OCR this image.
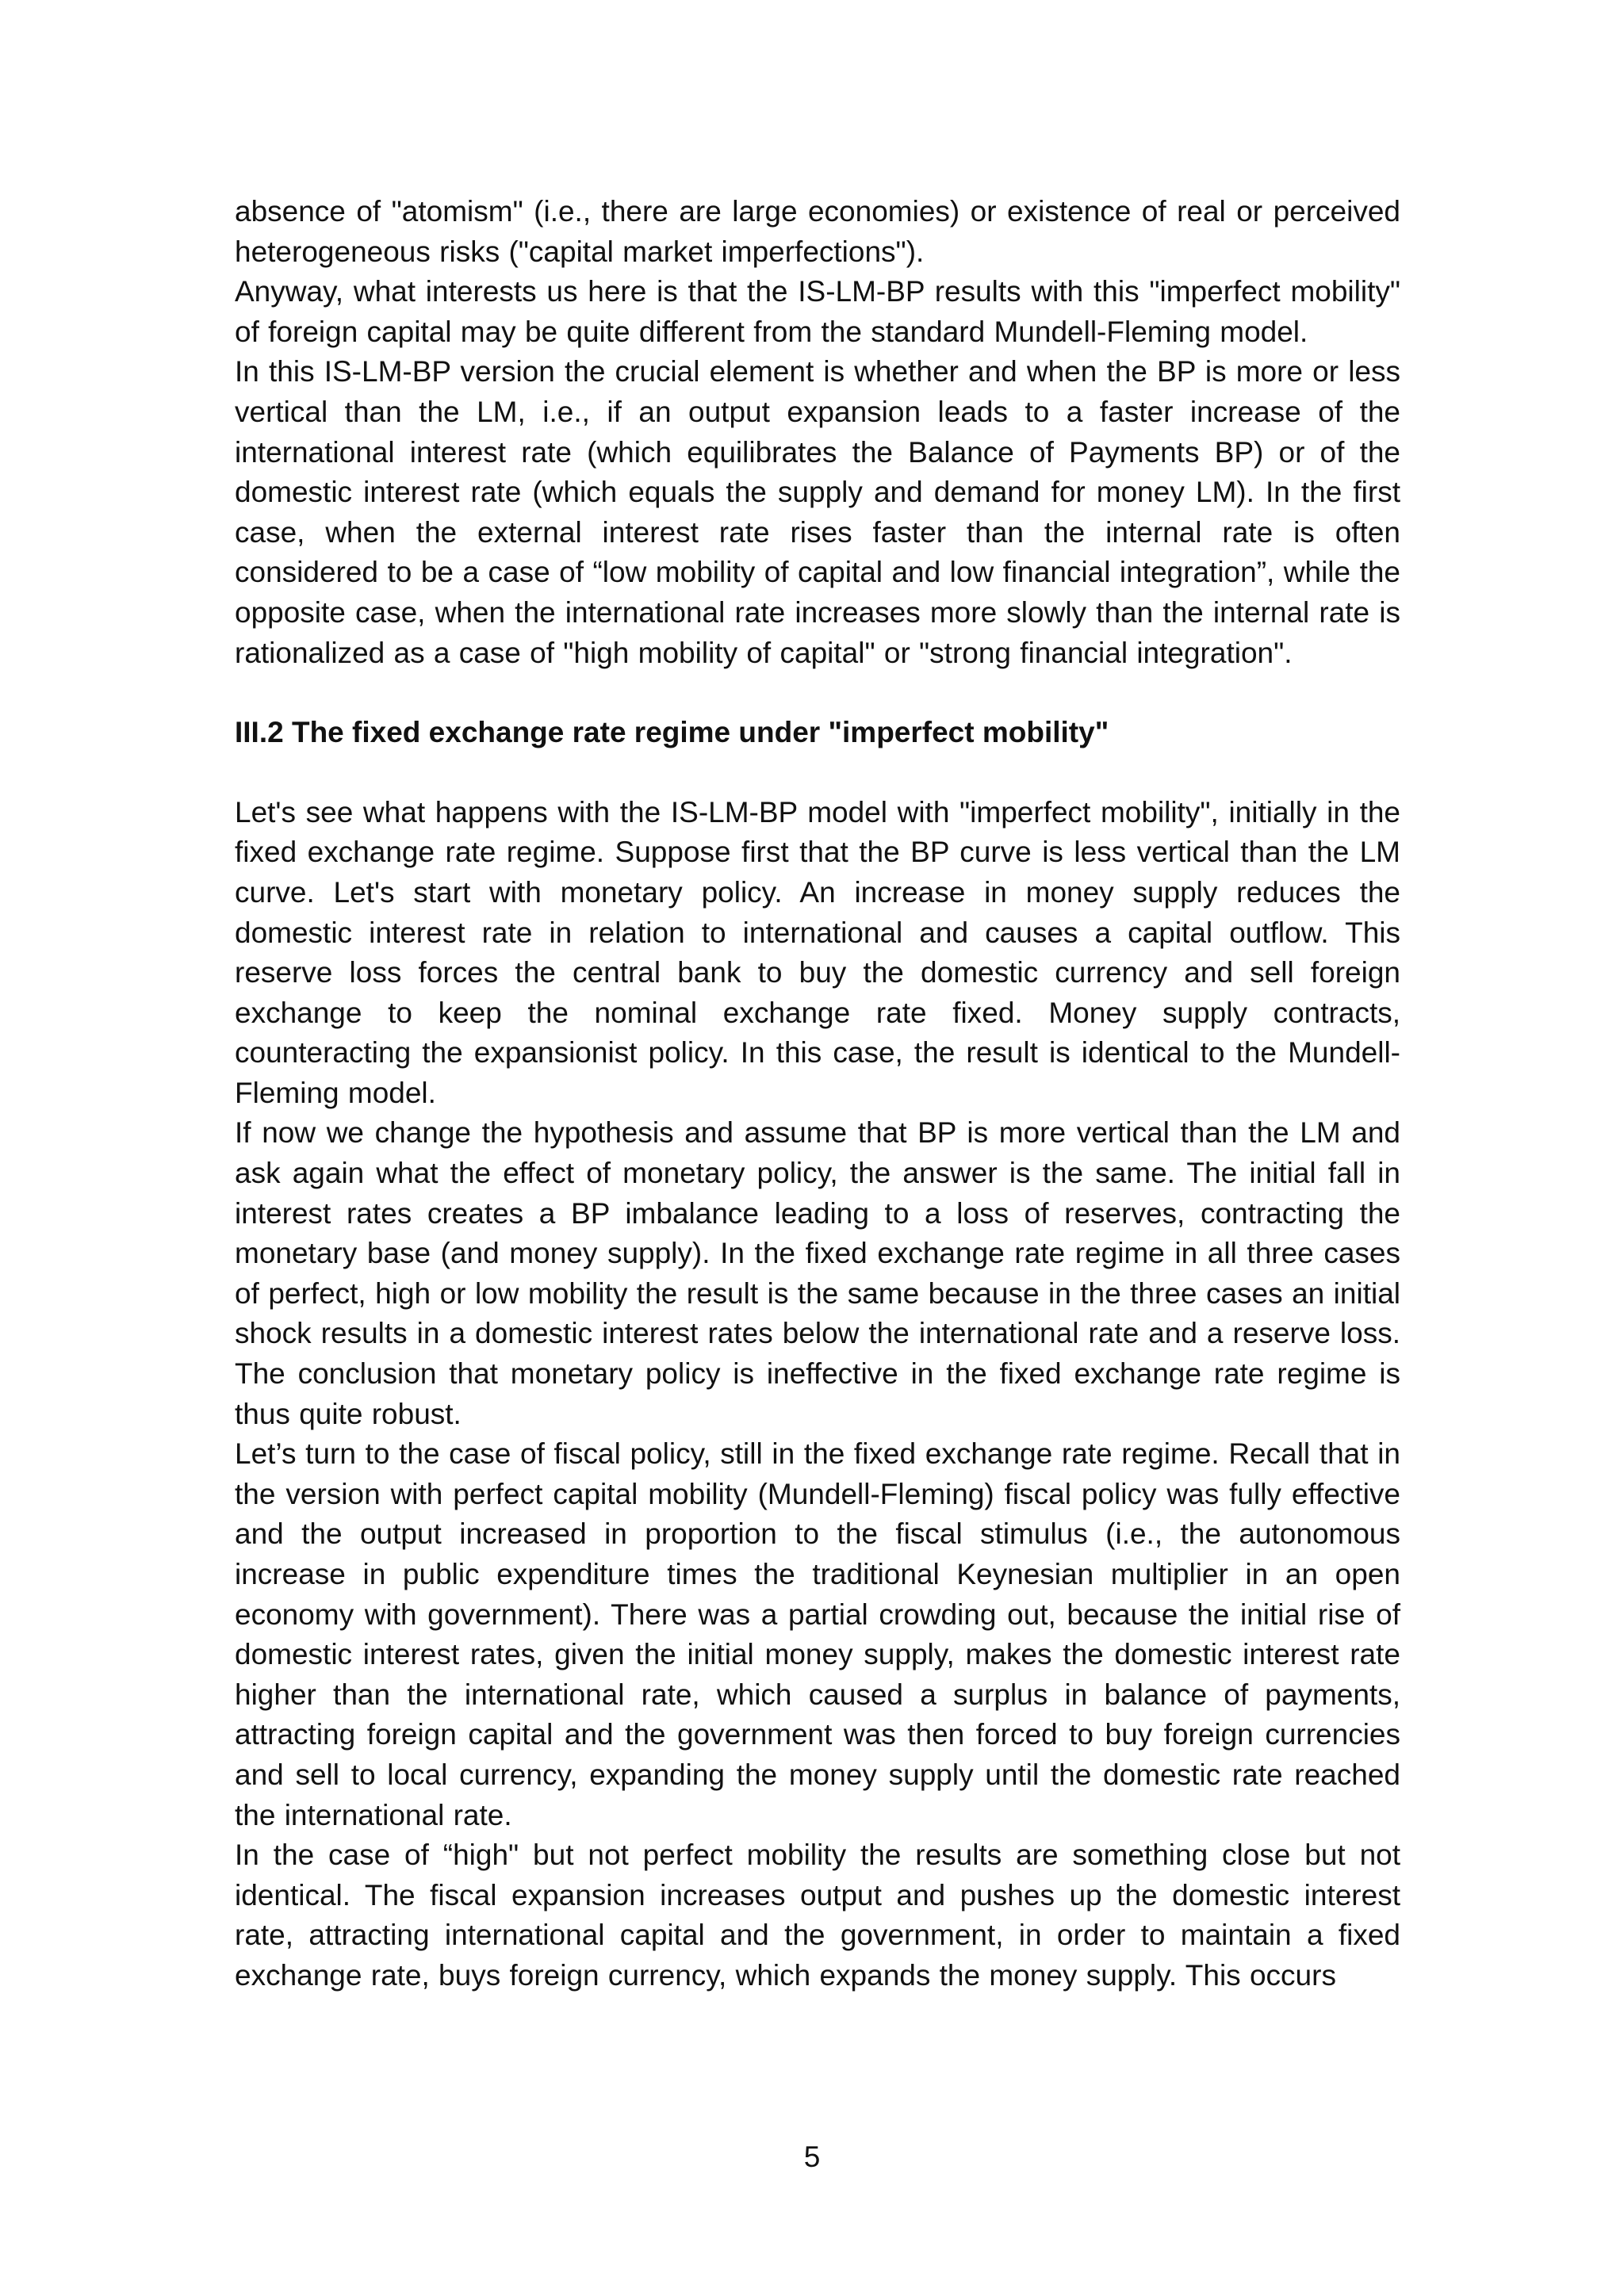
absence of "atomism" (i.e., there are large economies) or existence of real or perceived heterogeneous risks ("capital market imperfections").

Anyway, what interests us here is that the IS-LM-BP results with this "imperfect mobility" of foreign capital may be quite different from the standard Mundell-Fleming model.

In this IS-LM-BP version the crucial element is whether and when the BP is more or less vertical than the LM, i.e., if an output expansion leads to a faster increase of the international interest rate (which equilibrates the Balance of Payments BP) or of the domestic interest rate (which equals the supply and demand for money LM). In the first case, when the external interest rate rises faster than the internal rate is often considered to be a case of “low mobility of capital and low financial integration”, while the opposite case, when the international rate increases more slowly than the internal rate is rationalized as a case of "high mobility of capital" or "strong financial integration".

III.2 The fixed exchange rate regime under "imperfect mobility"

Let's see what happens with the IS-LM-BP model with "imperfect mobility", initially in the fixed exchange rate regime. Suppose first that the BP curve is less vertical than the LM curve. Let's start with monetary policy. An increase in money supply reduces the domestic interest rate in relation to international and causes a capital outflow. This reserve loss forces the central bank to buy the domestic currency and sell foreign exchange to keep the nominal exchange rate fixed. Money supply contracts, counteracting the expansionist policy. In this case, the result is identical to the Mundell-Fleming model.

If now we change the hypothesis and assume that BP is more vertical than the LM and ask again what the effect of monetary policy, the answer is the same. The initial fall in interest rates creates a BP imbalance leading to a loss of reserves, contracting the monetary base (and money supply). In the fixed exchange rate regime in all three cases of perfect, high or low mobility the result is the same because in the three cases an initial shock results in a domestic interest rates below the international rate and a reserve loss. The conclusion that monetary policy is ineffective in the fixed exchange rate regime is thus quite robust.

Let’s turn to the case of fiscal policy, still in the fixed exchange rate regime. Recall that in the version with perfect capital mobility (Mundell-Fleming) fiscal policy was fully effective and the output increased in proportion to the fiscal stimulus (i.e., the autonomous increase in public expenditure times the traditional Keynesian multiplier in an open economy with government). There was a partial crowding out, because the initial rise of domestic interest rates, given the initial money supply, makes the domestic interest rate higher than the international rate, which caused a surplus in balance of payments, attracting foreign capital and the government was then forced to buy foreign currencies and sell to local currency, expanding the money supply until the domestic rate reached the international rate.

In the case of “high" but not perfect mobility the results are something close but not identical. The fiscal expansion increases output and pushes up the domestic interest rate, attracting international capital and the government, in order to maintain a fixed exchange rate, buys foreign currency, which expands the money supply. This occurs

5
